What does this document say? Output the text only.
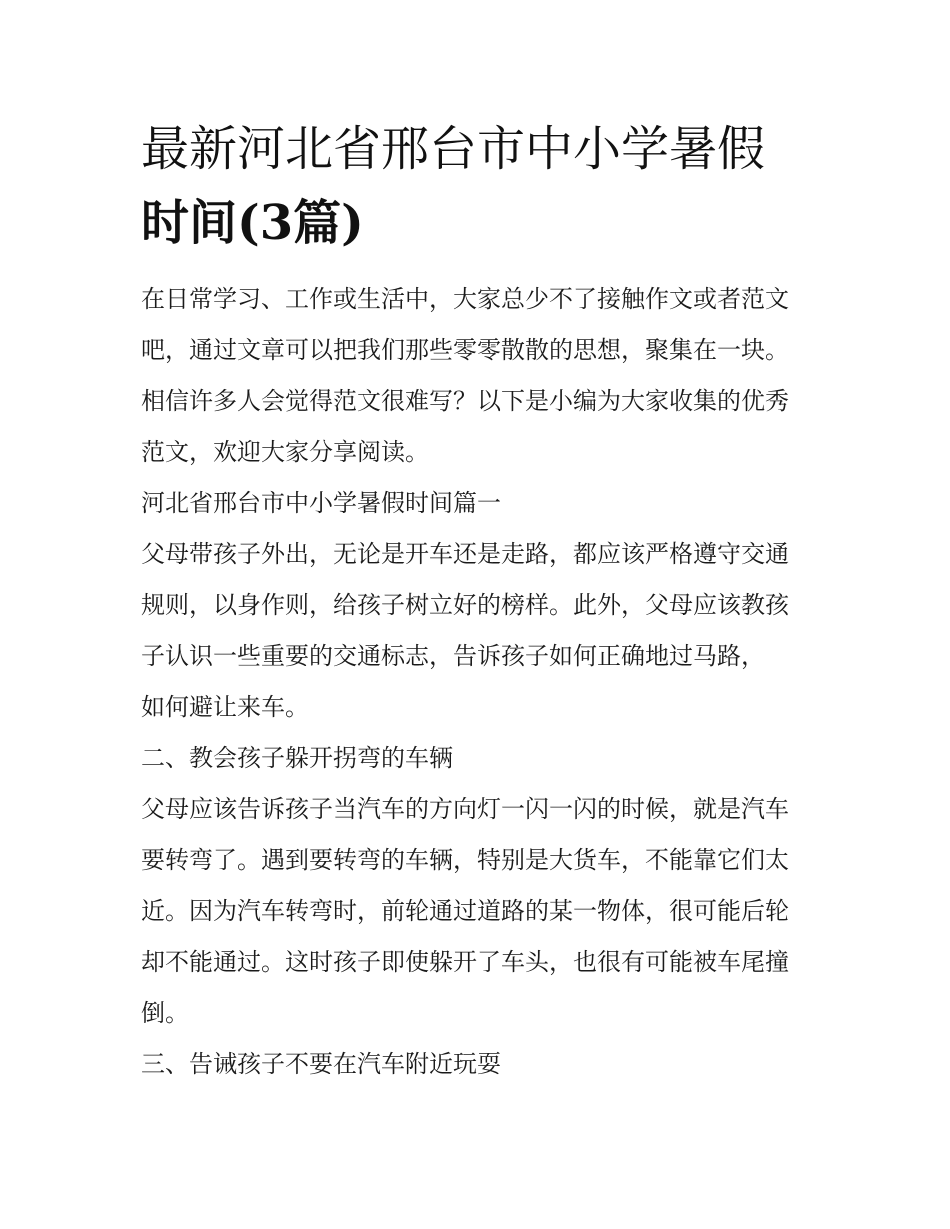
最新河北省邢台市中小学暑假
时间(3篇)

在日常学习、工作或生活中，大家总少不了接触作文或者范文
吧，通过文章可以把我们那些零零散散的思想，聚集在一块。
相信许多人会觉得范文很难写？以下是小编为大家收集的优秀
范文，欢迎大家分享阅读。

河北省邢台市中小学暑假时间篇一

父母带孩子外出，无论是开车还是走路，都应该严格遵守交通
规则，以身作则，给孩子树立好的榜样。此外，父母应该教孩
子认识一些重要的交通标志，告诉孩子如何正确地过马路，
如何避让来车。

二、教会孩子躲开拐弯的车辆

父母应该告诉孩子当汽车的方向灯一闪一闪的时候，就是汽车
要转弯了。遇到要转弯的车辆，特别是大货车，不能靠它们太
近。因为汽车转弯时，前轮通过道路的某一物体，很可能后轮
却不能通过。这时孩子即使躲开了车头，也很有可能被车尾撞
倒。

三、告诫孩子不要在汽车附近玩耍
